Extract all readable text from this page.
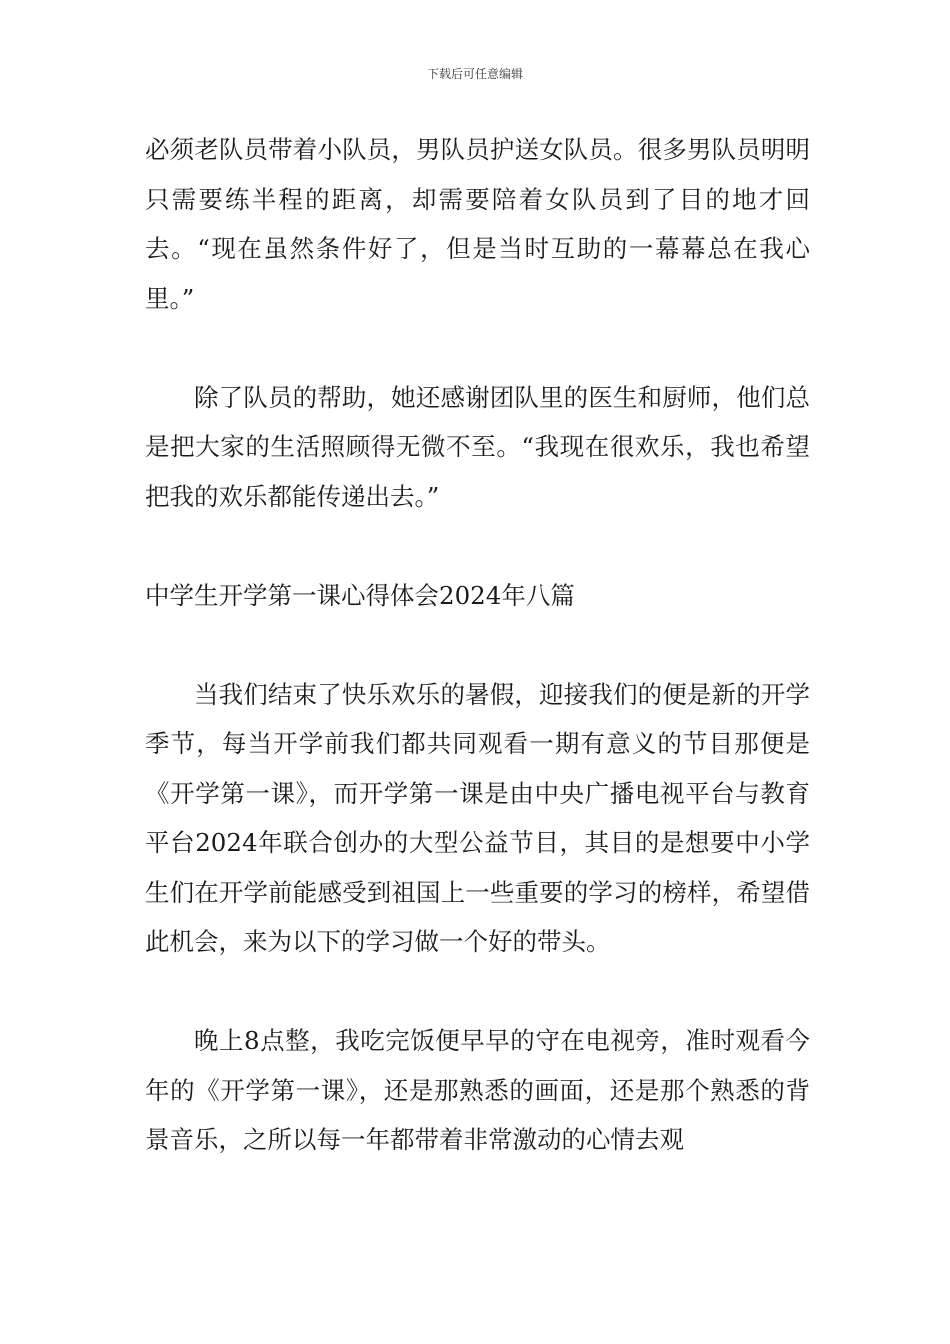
下载后可任意编辑

必须老队员带着小队员，男队员护送女队员。很多男队员明明只需要练半程的距离，却需要陪着女队员到了目的地才回去。“现在虽然条件好了，但是当时互助的一幕幕总在我心里。”

除了队员的帮助，她还感谢团队里的医生和厨师，他们总是把大家的生活照顾得无微不至。“我现在很欢乐，我也希望把我的欢乐都能传递出去。”

中学生开学第一课心得体会2024年八篇

当我们结束了快乐欢乐的暑假，迎接我们的便是新的开学季节，每当开学前我们都共同观看一期有意义的节目那便是《开学第一课》，而开学第一课是由中央广播电视平台与教育平台2024年联合创办的大型公益节目，其目的是想要中小学生们在开学前能感受到祖国上一些重要的学习的榜样，希望借此机会，来为以下的学习做一个好的带头。

晚上8点整，我吃完饭便早早的守在电视旁，准时观看今年的《开学第一课》，还是那熟悉的画面，还是那个熟悉的背景音乐，之所以每一年都带着非常激动的心情去观
